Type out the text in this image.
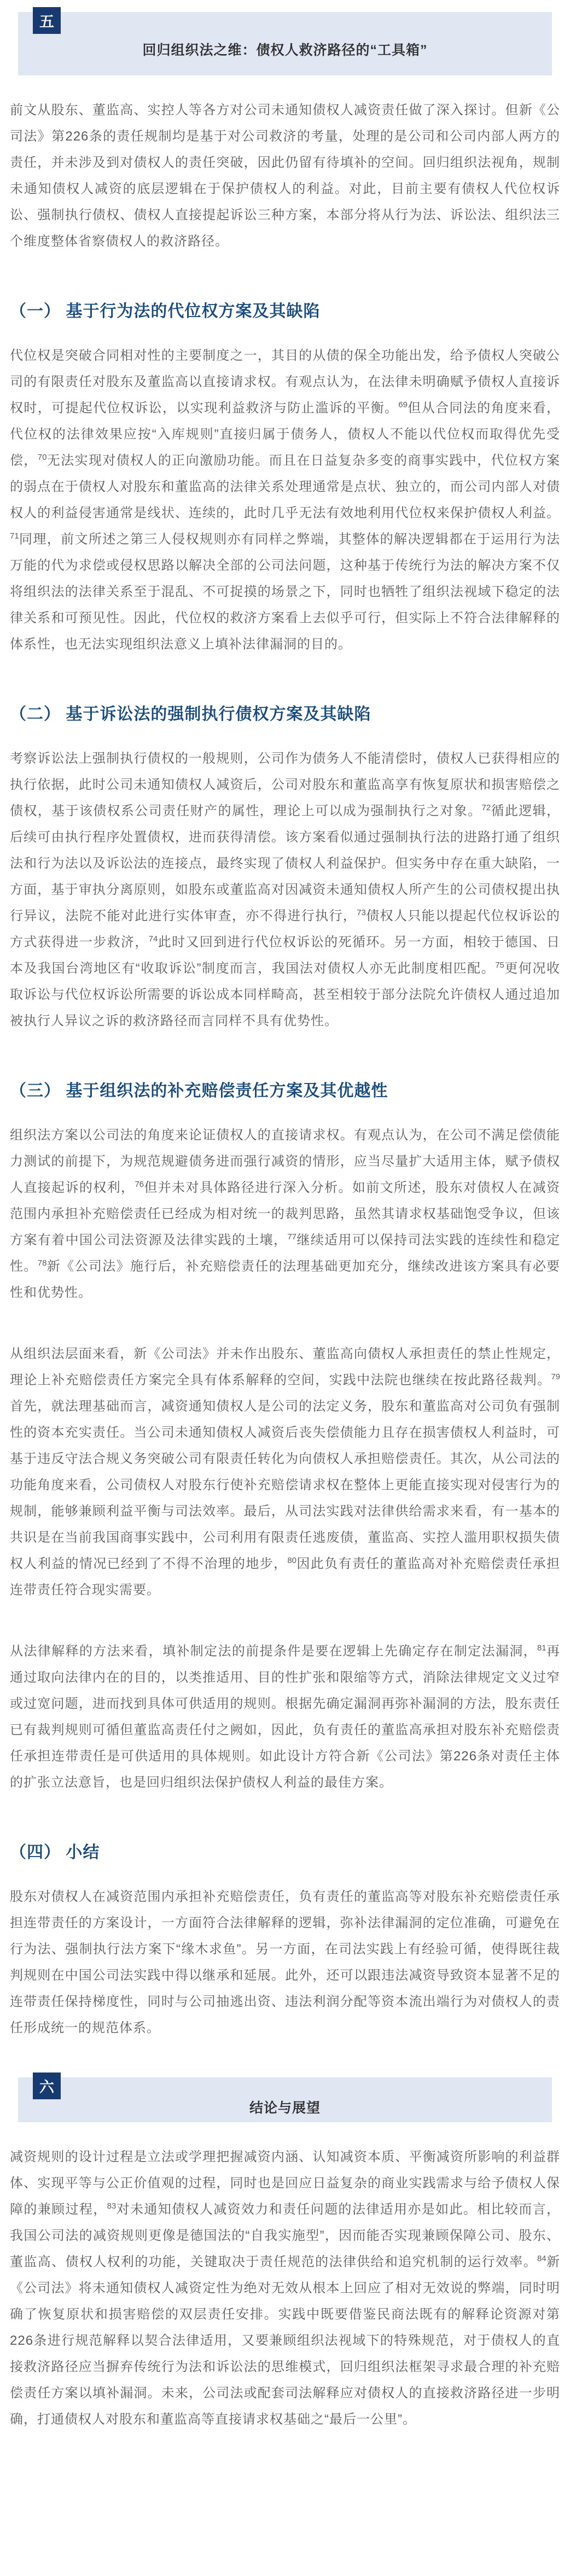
五
回归组织法之维：债权人救济路径的“工具箱”

前文从股东、董监高、实控人等各方对公司未通知债权人减资责任做了深入探讨。但新《公司法》第226条的责任规制均是基于对公司救济的考量，处理的是公司和公司内部人两方的责任，并未涉及到对债权人的责任突破，因此仍留有待填补的空间。回归组织法视角，规制未通知债权人减资的底层逻辑在于保护债权人的利益。对此，目前主要有债权人代位权诉讼、强制执行债权、债权人直接提起诉讼三种方案，本部分将从行为法、诉讼法、组织法三个维度整体省察债权人的救济路径。

（一） 基于行为法的代位权方案及其缺陷

代位权是突破合同相对性的主要制度之一，其目的从债的保全功能出发，给予债权人突破公司的有限责任对股东及董监高以直接请求权。有观点认为，在法律未明确赋予债权人直接诉权时，可提起代位权诉讼，以实现利益救济与防止滥诉的平衡。$^{69}$但从合同法的角度来看，代位权的法律效果应按“入库规则”直接归属于债务人，债权人不能以代位权而取得优先受偿，$^{70}$无法实现对债权人的正向激励功能。而且在日益复杂多变的商事实践中，代位权方案的弱点在于债权人对股东和董监高的法律关系处理通常是点状、独立的，而公司内部人对债权人的利益侵害通常是线状、连续的，此时几乎无法有效地利用代位权来保护债权人利益。$^{71}$同理，前文所述之第三人侵权规则亦有同样之弊端，其整体的解决逻辑都在于运用行为法万能的代为求偿或侵权思路以解决全部的公司法问题，这种基于传统行为法的解决方案不仅将组织法的法律关系至于混乱、不可捉摸的场景之下，同时也牺牲了组织法视域下稳定的法律关系和可预见性。因此，代位权的救济方案看上去似乎可行，但实际上不符合法律解释的体系性，也无法实现组织法意义上填补法律漏洞的目的。

（二） 基于诉讼法的强制执行债权方案及其缺陷

考察诉讼法上强制执行债权的一般规则，公司作为债务人不能清偿时，债权人已获得相应的执行依据，此时公司未通知债权人减资后，公司对股东和董监高享有恢复原状和损害赔偿之债权，基于该债权系公司责任财产的属性，理论上可以成为强制执行之对象。$^{72}$循此逻辑，后续可由执行程序处置债权，进而获得清偿。该方案看似通过强制执行法的进路打通了组织法和行为法以及诉讼法的连接点，最终实现了债权人利益保护。但实务中存在重大缺陷，一方面，基于审执分离原则，如股东或董监高对因减资未通知债权人所产生的公司债权提出执行异议，法院不能对此进行实体审查，亦不得进行执行，$^{73}$债权人只能以提起代位权诉讼的方式获得进一步救济，$^{74}$此时又回到进行代位权诉讼的死循环。另一方面，相较于德国、日本及我国台湾地区有“收取诉讼”制度而言，我国法对债权人亦无此制度相匹配。$^{75}$更何况收取诉讼与代位权诉讼所需要的诉讼成本同样畸高，甚至相较于部分法院允许债权人通过追加被执行人异议之诉的救济路径而言同样不具有优势性。

（三） 基于组织法的补充赔偿责任方案及其优越性

组织法方案以公司法的角度来论证债权人的直接请求权。有观点认为，在公司不满足偿债能力测试的前提下，为规范规避债务进而强行减资的情形，应当尽量扩大适用主体，赋予债权人直接起诉的权利，$^{76}$但并未对具体路径进行深入分析。如前文所述，股东对债权人在减资范围内承担补充赔偿责任已经成为相对统一的裁判思路，虽然其请求权基础饱受争议，但该方案有着中国公司法资源及法律实践的土壤，$^{77}$继续适用可以保持司法实践的连续性和稳定性。$^{78}$新《公司法》施行后，补充赔偿责任的法理基础更加充分，继续改进该方案具有必要性和优势性。

从组织法层面来看，新《公司法》并未作出股东、董监高向债权人承担责任的禁止性规定，理论上补充赔偿责任方案完全具有体系解释的空间，实践中法院也继续在按此路径裁判。$^{79}$首先，就法理基础而言，减资通知债权人是公司的法定义务，股东和董监高对公司负有强制性的资本充实责任。当公司未通知债权人减资后丧失偿债能力且存在损害债权人利益时，可基于违反守法合规义务突破公司有限责任转化为向债权人承担赔偿责任。其次，从公司法的功能角度来看，公司债权人对股东行使补充赔偿请求权在整体上更能直接实现对侵害行为的规制，能够兼顾利益平衡与司法效率。最后，从司法实践对法律供给需求来看，有一基本的共识是在当前我国商事实践中，公司利用有限责任逃废债，董监高、实控人滥用职权损失债权人利益的情况已经到了不得不治理的地步，$^{80}$因此负有责任的董监高对补充赔偿责任承担连带责任符合现实需要。

从法律解释的方法来看，填补制定法的前提条件是要在逻辑上先确定存在制定法漏洞，$^{81}$再通过取向法律内在的目的，以类推适用、目的性扩张和限缩等方式，消除法律规定文义过窄或过宽问题，进而找到具体可供适用的规则。根据先确定漏洞再弥补漏洞的方法，股东责任已有裁判规则可循但董监高责任付之阙如，因此，负有责任的董监高承担对股东补充赔偿责任承担连带责任是可供适用的具体规则。如此设计方符合新《公司法》第226条对责任主体的扩张立法意旨，也是回归组织法保护债权人利益的最佳方案。

（四） 小结

股东对债权人在减资范围内承担补充赔偿责任，负有责任的董监高等对股东补充赔偿责任承担连带责任的方案设计，一方面符合法律解释的逻辑，弥补法律漏洞的定位准确，可避免在行为法、强制执行法方案下“缘木求鱼”。另一方面，在司法实践上有经验可循，使得既往裁判规则在中国公司法实践中得以继承和延展。此外，还可以跟违法减资导致资本显著不足的连带责任保持梯度性，同时与公司抽逃出资、违法利润分配等资本流出端行为对债权人的责任形成统一的规范体系。

六
结论与展望

减资规则的设计过程是立法或学理把握减资内涵、认知减资本质、平衡减资所影响的利益群体、实现平等与公正价值观的过程，同时也是回应日益复杂的商业实践需求与给予债权人保障的兼顾过程，$^{83}$对未通知债权人减资效力和责任问题的法律适用亦是如此。相比较而言，我国公司法的减资规则更像是德国法的“自我实施型”，因而能否实现兼顾保障公司、股东、董监高、债权人权利的功能，关键取决于责任规范的法律供给和追究机制的运行效率。$^{84}$新《公司法》将未通知债权人减资定性为绝对无效从根本上回应了相对无效说的弊端，同时明确了恢复原状和损害赔偿的双层责任安排。实践中既要借鉴民商法既有的解释论资源对第226条进行规范解释以契合法律适用，又要兼顾组织法视域下的特殊规范，对于债权人的直接救济路径应当摒弃传统行为法和诉讼法的思维模式，回归组织法框架寻求最合理的补充赔偿责任方案以填补漏洞。未来，公司法或配套司法解释应对债权人的直接救济路径进一步明确，打通债权人对股东和董监高等直接请求权基础之“最后一公里”。
